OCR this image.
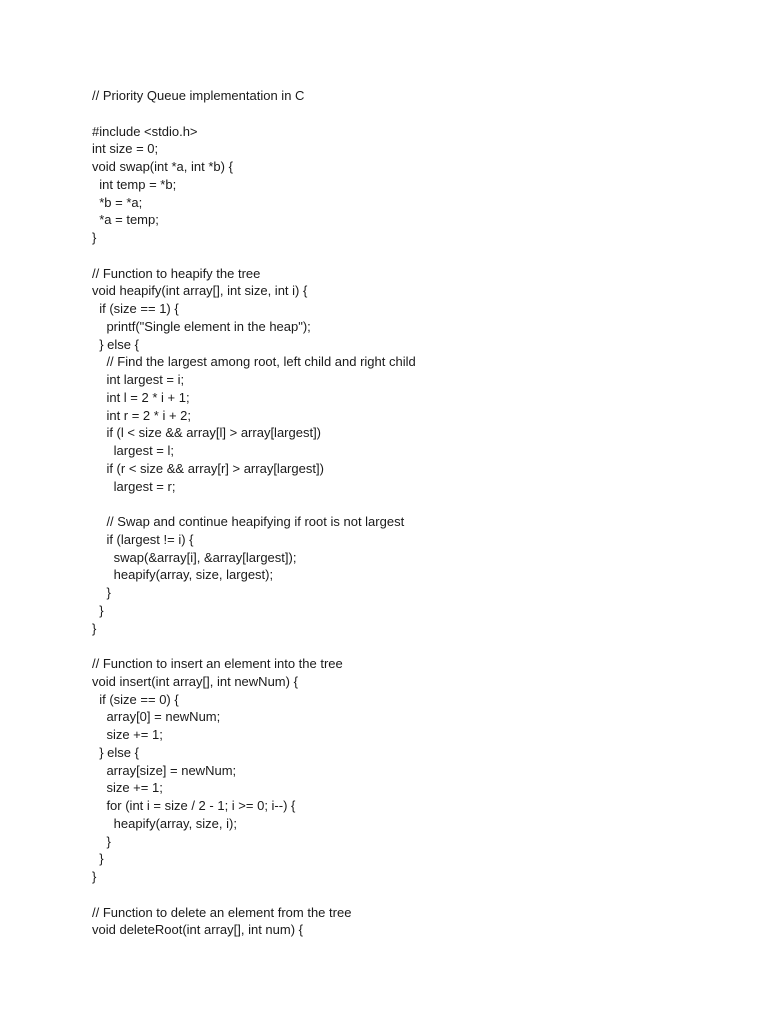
// Priority Queue implementation in C
#include <stdio.h>
int size = 0;
void swap(int *a, int *b) {
int temp = *b;
*b = *a;
*a = temp;
}
// Function to heapify the tree
void heapify(int array[], int size, int i) {
if (size == 1) {
printf("Single element in the heap");
} else {
// Find the largest among root, left child and right child
int largest = i;
int l = 2 * i + 1;
int r = 2 * i + 2;
if (l < size && array[l] > array[largest])
largest = l;
if (r < size && array[r] > array[largest])
largest = r;
// Swap and continue heapifying if root is not largest
if (largest != i) {
swap(&array[i], &array[largest]);
heapify(array, size, largest);
}
}
}
// Function to insert an element into the tree
void insert(int array[], int newNum) {
if (size == 0) {
array[0] = newNum;
size += 1;
} else {
array[size] = newNum;
size += 1;
for (int i = size / 2 - 1; i >= 0; i--) {
heapify(array, size, i);
}
}
}
// Function to delete an element from the tree
void deleteRoot(int array[], int num) {
